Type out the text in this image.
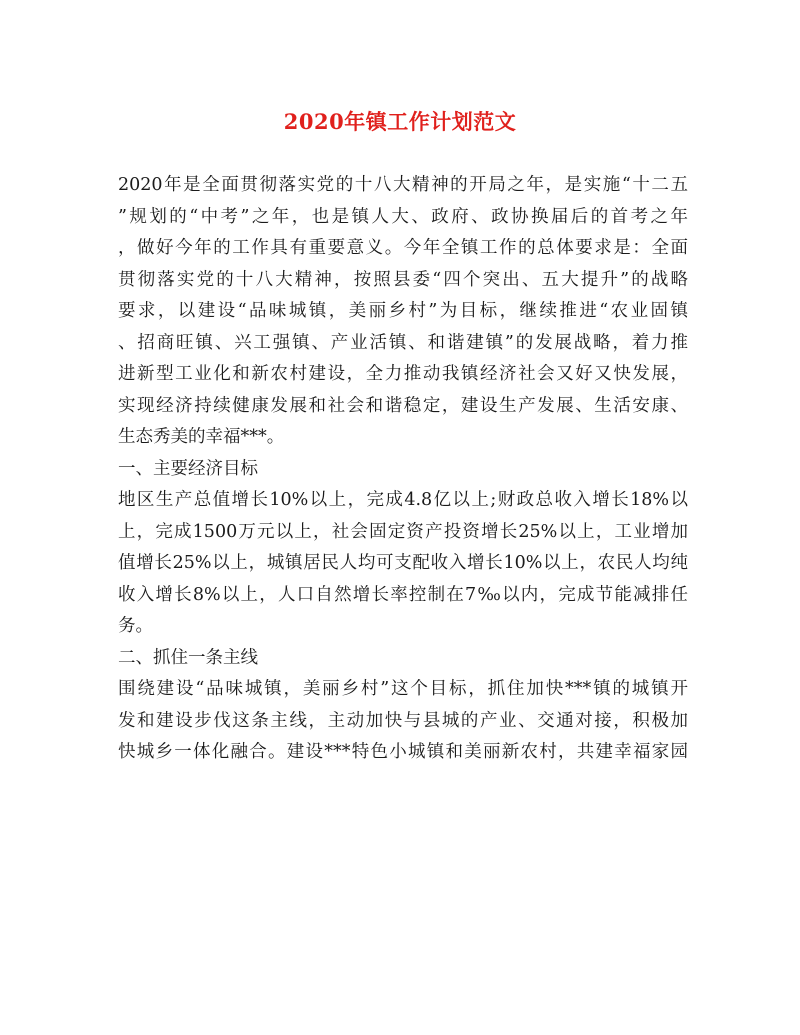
2020年镇工作计划范文
2020年是全面贯彻落实党的十八大精神的开局之年，是实施“十二五
”规划的“中考”之年，也是镇人大、政府、政协换届后的首考之年
，做好今年的工作具有重要意义。今年全镇工作的总体要求是：全面
贯彻落实党的十八大精神，按照县委“四个突出、五大提升”的战略
要求，以建设“品味城镇，美丽乡村”为目标，继续推进“农业固镇
、招商旺镇、兴工强镇、产业活镇、和谐建镇”的发展战略，着力推
进新型工业化和新农村建设，全力推动我镇经济社会又好又快发展，
实现经济持续健康发展和社会和谐稳定，建设生产发展、生活安康、
生态秀美的幸福***。
一、主要经济目标
地区生产总值增长10%以上，完成4.8亿以上;财政总收入增长18%以
上，完成1500万元以上，社会固定资产投资增长25%以上，工业增加
值增长25%以上，城镇居民人均可支配收入增长10%以上，农民人均纯
收入增长8%以上，人口自然增长率控制在7‰以内，完成节能减排任
务。
二、抓住一条主线
围绕建设“品味城镇，美丽乡村”这个目标，抓住加快***镇的城镇开
发和建设步伐这条主线，主动加快与县城的产业、交通对接，积极加
快城乡一体化融合。建设***特色小城镇和美丽新农村，共建幸福家园
